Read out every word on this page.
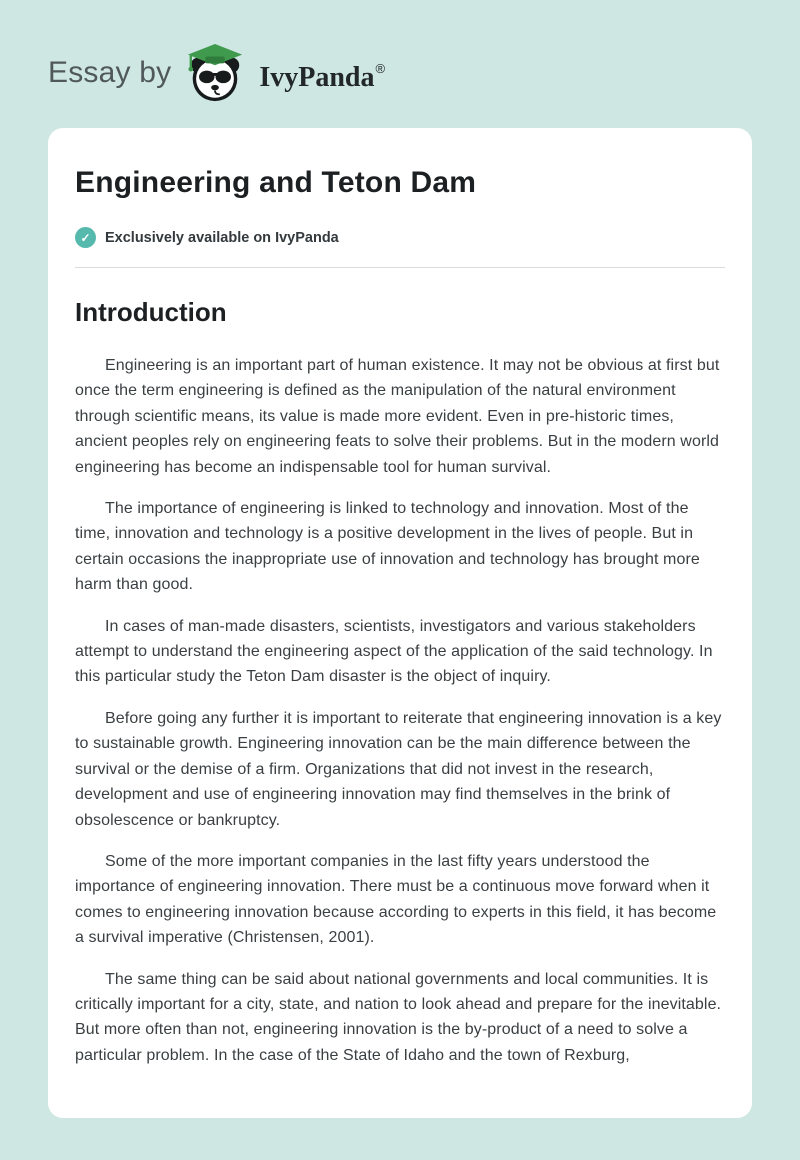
Essay by	IvyPanda ®
Engineering and Teton Dam
✓ Exclusively available on IvyPanda
Introduction

Engineering is an important part of human existence. It may not be obvious at first but once the term engineering is defined as the manipulation of the natural environment through scientific means, its value is made more evident. Even in pre-historic times, ancient peoples rely on engineering feats to solve their problems. But in the modern world engineering has become an indispensable tool for human survival.

The importance of engineering is linked to technology and innovation. Most of the time, innovation and technology is a positive development in the lives of people. But in certain occasions the inappropriate use of innovation and technology has brought more harm than good.

In cases of man-made disasters, scientists, investigators and various stakeholders attempt to understand the engineering aspect of the application of the said technology. In this particular study the Teton Dam disaster is the object of inquiry.

Before going any further it is important to reiterate that engineering innovation is a key to sustainable growth. Engineering innovation can be the main difference between the survival or the demise of a firm. Organizations that did not invest in the research, development and use of engineering innovation may find themselves in the brink of obsolescence or bankruptcy.

Some of the more important companies in the last fifty years understood the importance of engineering innovation. There must be a continuous move forward when it comes to engineering innovation because according to experts in this field, it has become a survival imperative (Christensen, 2001).

The same thing can be said about national governments and local communities. It is critically important for a city, state, and nation to look ahead and prepare for the inevitable. But more often than not, engineering innovation is the by-product of a need to solve a particular problem. In the case of the State of Idaho and the town of Rexburg,
